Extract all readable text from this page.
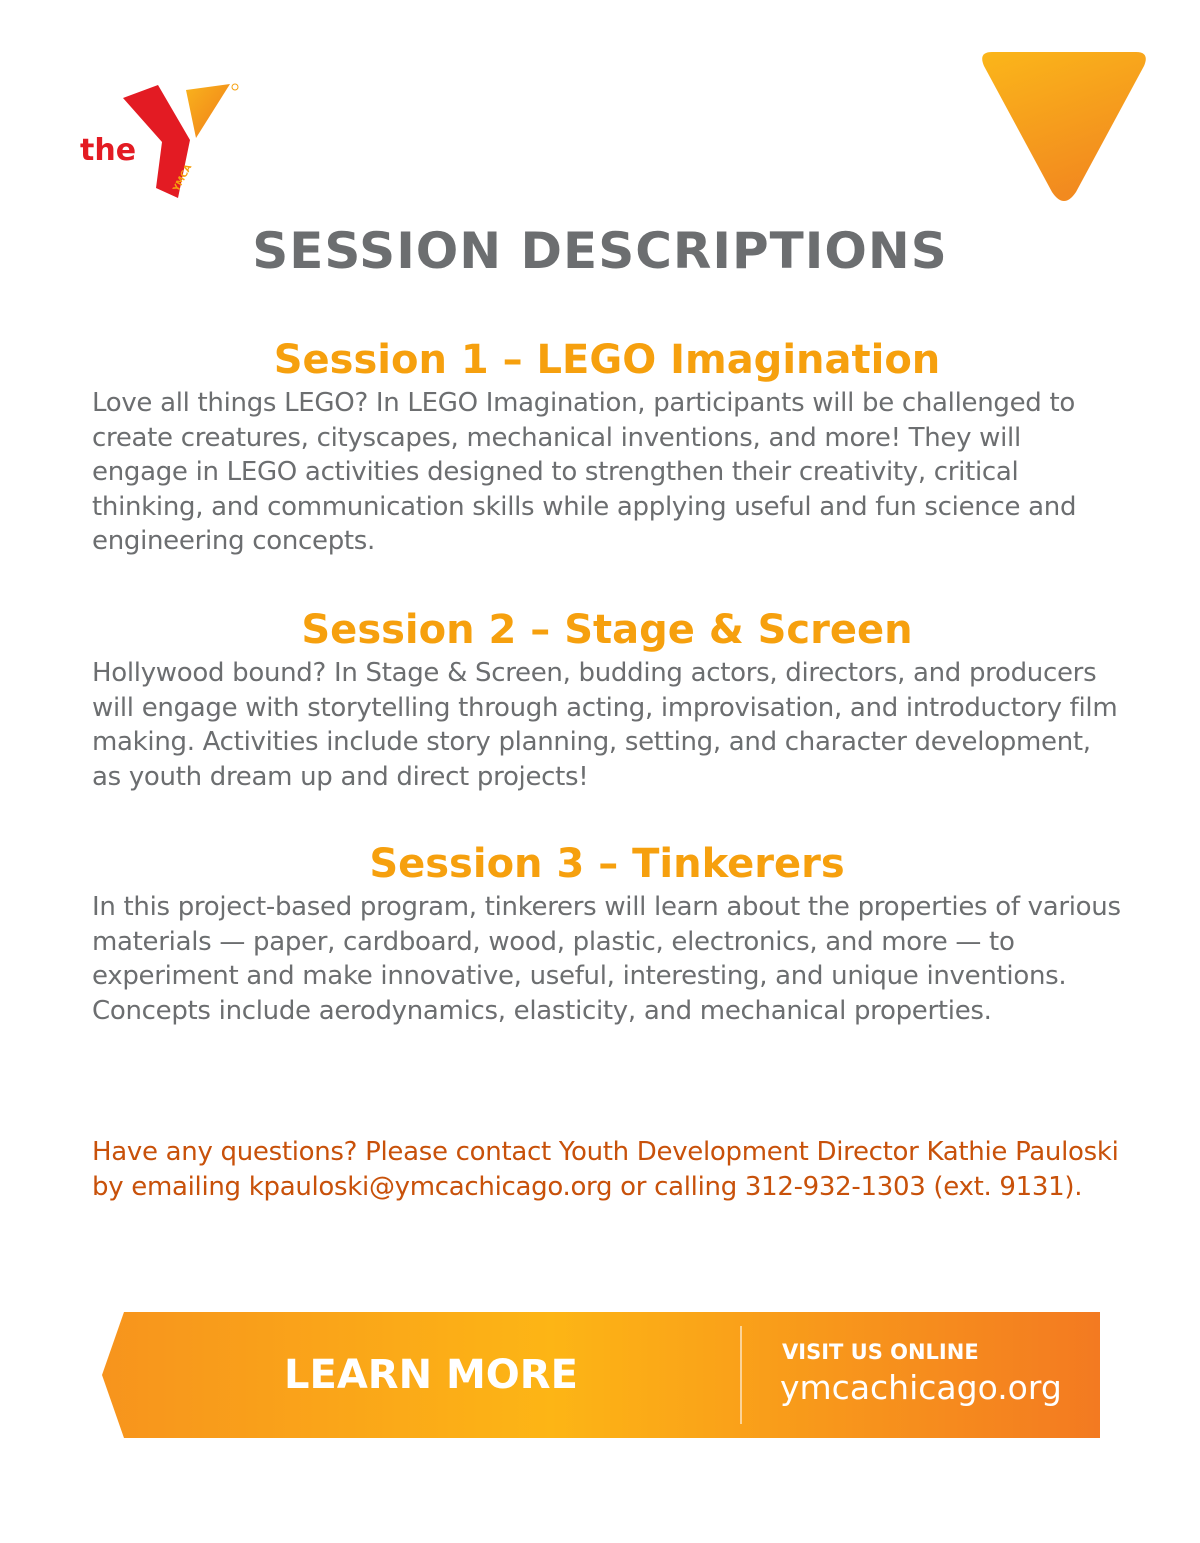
the
YMCA
SESSION DESCRIPTIONS
Session 1 – LEGO Imagination

Love all things LEGO? In LEGO Imagination, participants will be challenged to create creatures, cityscapes, mechanical inventions, and more! They will engage in LEGO activities designed to strengthen their creativity, critical thinking, and communication skills while applying useful and fun science and engineering concepts.

Session 2 – Stage & Screen

Hollywood bound? In Stage & Screen, budding actors, directors, and producers will engage with storytelling through acting, improvisation, and introductory film making. Activities include story planning, setting, and character development, as youth dream up and direct projects!

Session 3 – Tinkerers

In this project-based program, tinkerers will learn about the properties of various materials — paper, cardboard, wood, plastic, electronics, and more — to experiment and make innovative, useful, interesting, and unique inventions. Concepts include aerodynamics, elasticity, and mechanical properties.

Have any questions? Please contact Youth Development Director Kathie Pauloski by emailing kpauloski@ymcachicago.org or calling 312-932-1303 (ext. 9131).

LEARN MORE	VISIT US ONLINE
ymcachicago.org
